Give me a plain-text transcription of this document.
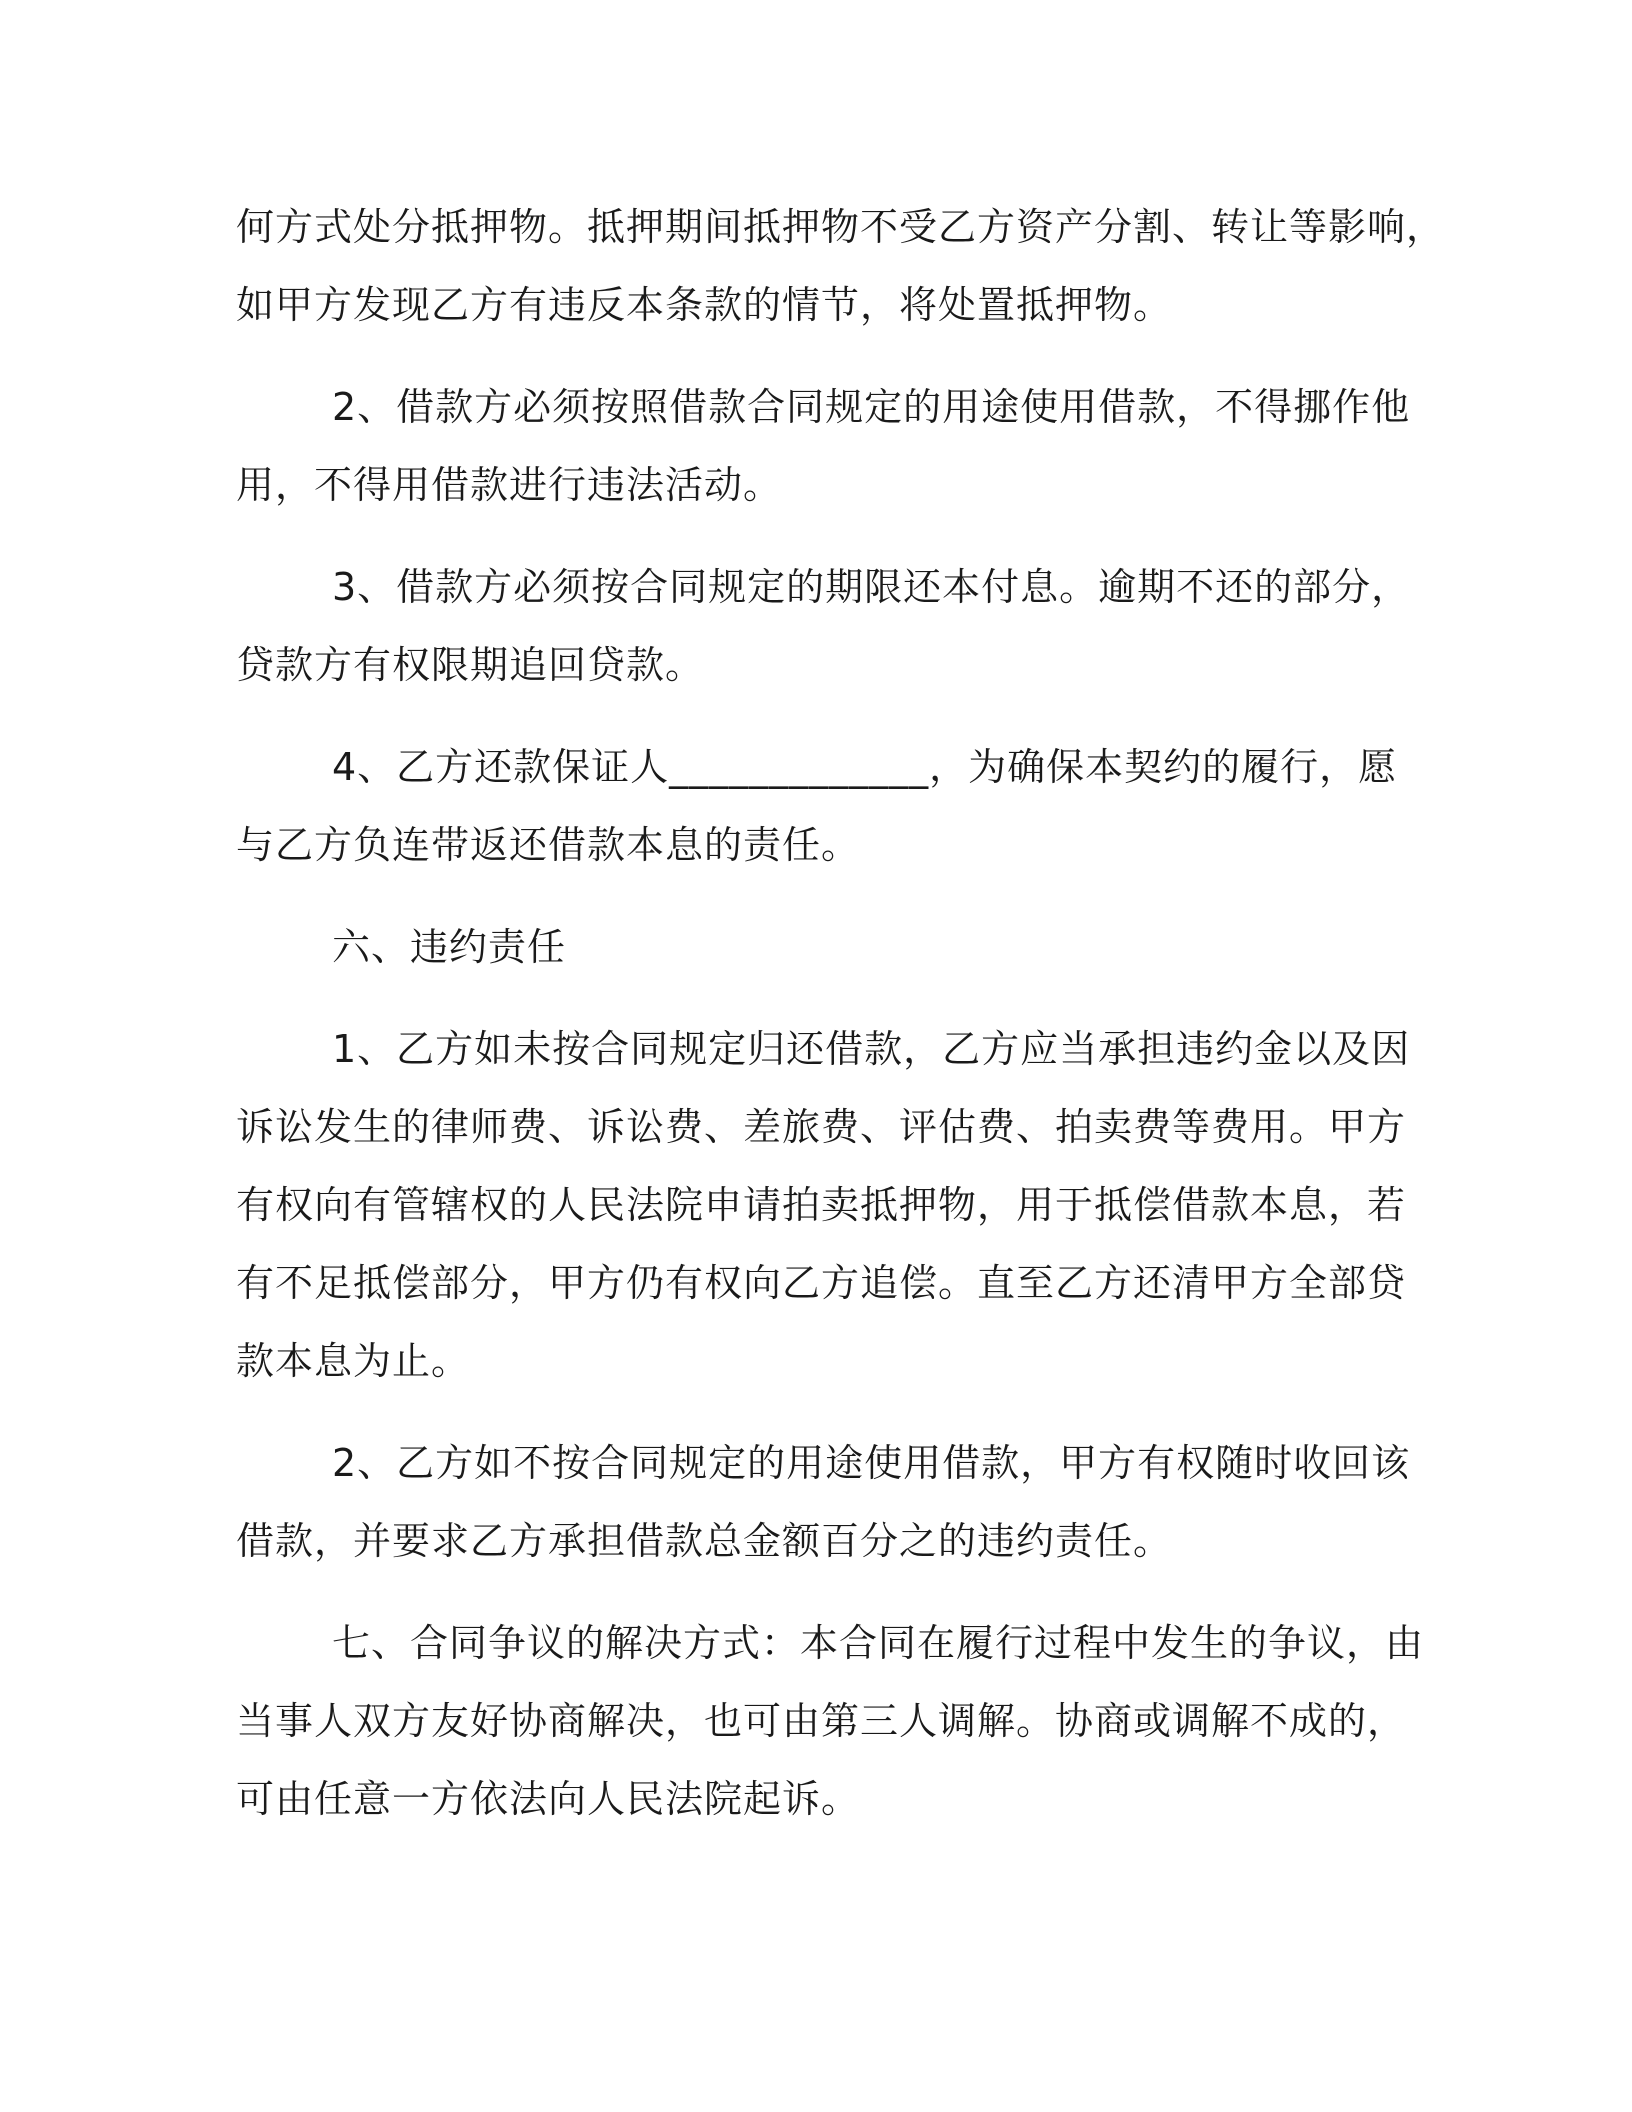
何方式处分抵押物。抵押期间抵押物不受乙方资产分割、转让等影响，
如甲方发现乙方有违反本条款的情节，将处置抵押物。
2、借款方必须按照借款合同规定的用途使用借款，不得挪作他
用，不得用借款进行违法活动。
3、借款方必须按合同规定的期限还本付息。逾期不还的部分，
贷款方有权限期追回贷款。
4、乙方还款保证人_____________，为确保本契约的履行，愿
与乙方负连带返还借款本息的责任。
六、违约责任
1、乙方如未按合同规定归还借款，乙方应当承担违约金以及因
诉讼发生的律师费、诉讼费、差旅费、评估费、拍卖费等费用。甲方
有权向有管辖权的人民法院申请拍卖抵押物，用于抵偿借款本息，若
有不足抵偿部分，甲方仍有权向乙方追偿。直至乙方还清甲方全部贷
款本息为止。
2、乙方如不按合同规定的用途使用借款，甲方有权随时收回该
借款，并要求乙方承担借款总金额百分之的违约责任。
七、合同争议的解决方式：本合同在履行过程中发生的争议，由
当事人双方友好协商解决，也可由第三人调解。协商或调解不成的，
可由任意一方依法向人民法院起诉。
